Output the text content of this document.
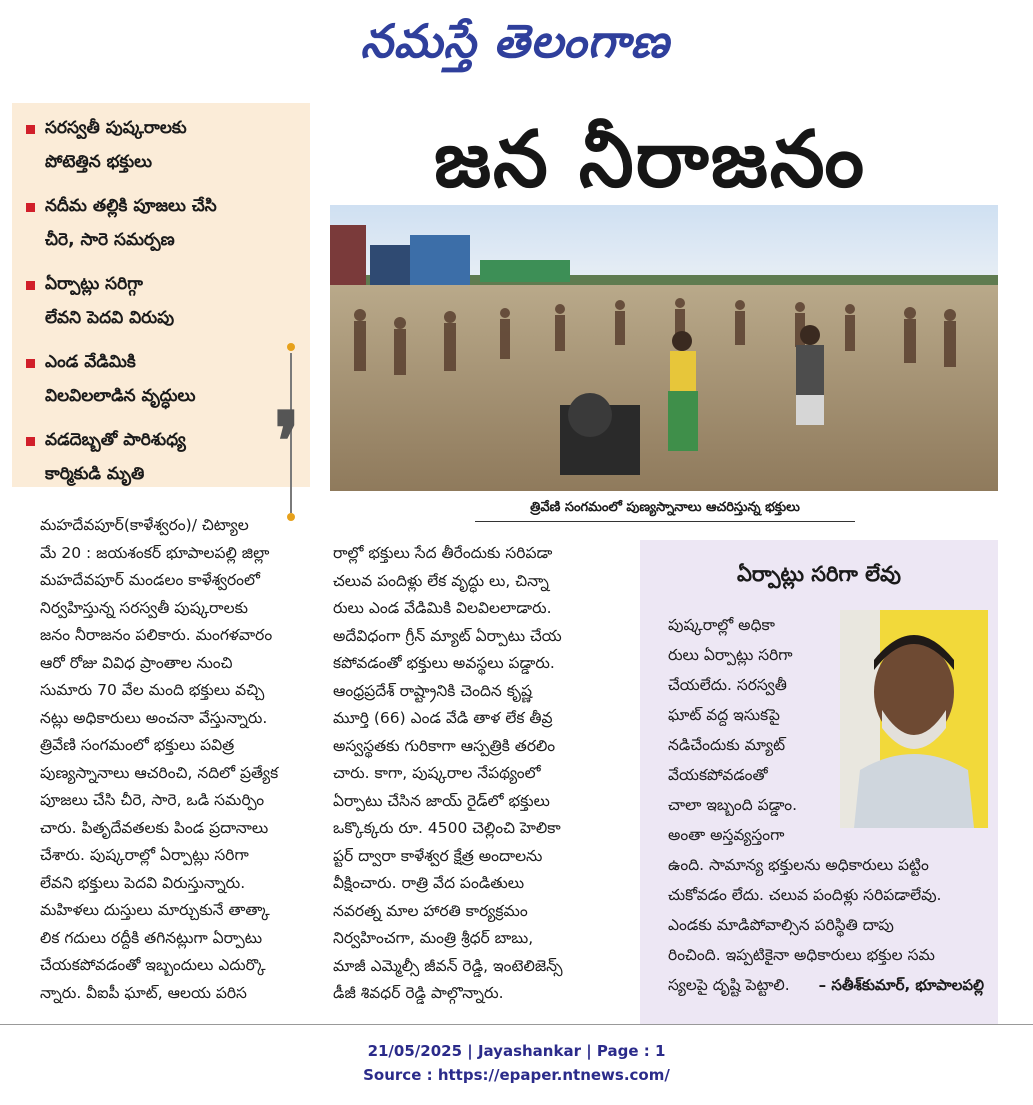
నమస్తే తెలంగాణ
సరస్వతీ పుష్కరాలకు
పోటెత్తిన భక్తులు
నదీమ తల్లికి పూజలు చేసి
చీరె, సారె సమర్పణ
ఏర్పాట్లు సరిగ్గా
లేవని పెదవి విరుపు
ఎండ వేడిమికి
విలవిలలాడిన వృద్ధులు
వడదెబ్బతో పారిశుధ్య
కార్మికుడి మృతి	❜
జన నీరాజనం
త్రివేణి సంగమంలో పుణ్యస్నానాలు ఆచరిస్తున్న భక్తులు

మహదేవపూర్(కాళేశ్వరం)/ చిట్యాల

మే 20 : జయశంకర్ భూపాలపల్లి జిల్లా

మహదేవపూర్ మండలం కాళేశ్వరంలో

నిర్వహిస్తున్న సరస్వతీ పుష్కరాలకు

జనం నీరాజనం పలికారు. మంగళవారం

ఆరో రోజు వివిధ ప్రాంతాల నుంచి

సుమారు 70 వేల మంది భక్తులు వచ్చి

నట్లు అధికారులు అంచనా వేస్తున్నారు.

త్రివేణి సంగమంలో భక్తులు పవిత్ర

పుణ్యస్నానాలు ఆచరించి, నదిలో ప్రత్యేక

పూజలు చేసి చీరె, సారె, ఒడి సమర్పిం

చారు. పితృదేవతలకు పిండ ప్రదానాలు

చేశారు. పుష్కరాల్లో ఏర్పాట్లు సరిగా

లేవని భక్తులు పెదవి విరుస్తున్నారు.

మహిళలు దుస్తులు మార్చుకునే తాత్కా

లిక గదులు రద్దీకి తగినట్లుగా ఏర్పాటు

చేయకపోవడంతో ఇబ్బందులు ఎదుర్కొ

న్నారు. వీఐపీ ఘాట్, ఆలయ పరిస

రాల్లో భక్తులు సేద తీరేందుకు సరిపడా

చలువ పందిళ్లు లేక వృద్ధు లు, చిన్నా

రులు ఎండ వేడిమికి విలవిలలాడారు.

అదేవిధంగా గ్రీన్ మ్యాట్ ఏర్పాటు చేయ

కపోవడంతో భక్తులు అవస్థలు పడ్డారు.

ఆంధ్రప్రదేశ్ రాష్ట్రానికి చెందిన కృష్ణ

మూర్తి (66) ఎండ వేడి తాళ లేక తీవ్ర

అస్వస్థతకు గురికాగా ఆస్పత్రికి తరలిం

చారు. కాగా, పుష్కరాల నేపథ్యంలో

ఏర్పాటు చేసిన జాయ్ రైడ్‌లో భక్తులు

ఒక్కొక్కరు రూ. 4500 చెల్లించి హెలికా

ప్టర్ ద్వారా కాళేశ్వర క్షేత్ర అందాలను

వీక్షించారు. రాత్రి వేద పండితులు

నవరత్న మాల హారతి కార్యక్రమం

నిర్వహించగా, మంత్రి శ్రీధర్ బాబు,

మాజీ ఎమ్మెల్సీ జీవన్ రెడ్డి, ఇంటెలిజెన్స్

డీజీ శివధర్ రెడ్డి పాల్గొన్నారు.

ఏర్పాట్లు సరిగా లేవు

పుష్కరాల్లో అధికా

రులు ఏర్పాట్లు సరిగా

చేయలేదు. సరస్వతీ

ఘాట్ వద్ద ఇసుకపై

నడిచేందుకు మ్యాట్

వేయకపోవడంతో

చాలా ఇబ్బంది పడ్డాం.

అంతా అస్తవ్యస్తంగా

ఉంది. సామాన్య భక్తులను అధికారులు పట్టిం

చుకోవడం లేదు. చలువ పందిళ్లు సరిపడాలేవు.

ఎండకు మాడిపోవాల్సిన పరిస్థితి దాపు

రించింది. ఇప్పటికైనా అధికారులు భక్తుల సమ

స్యలపై దృష్టి పెట్టాలి.	– సతీశ్‌కుమార్, భూపాలపల్లి
21/05/2025 | Jayashankar | Page : 1
Source : https://epaper.ntnews.com/
